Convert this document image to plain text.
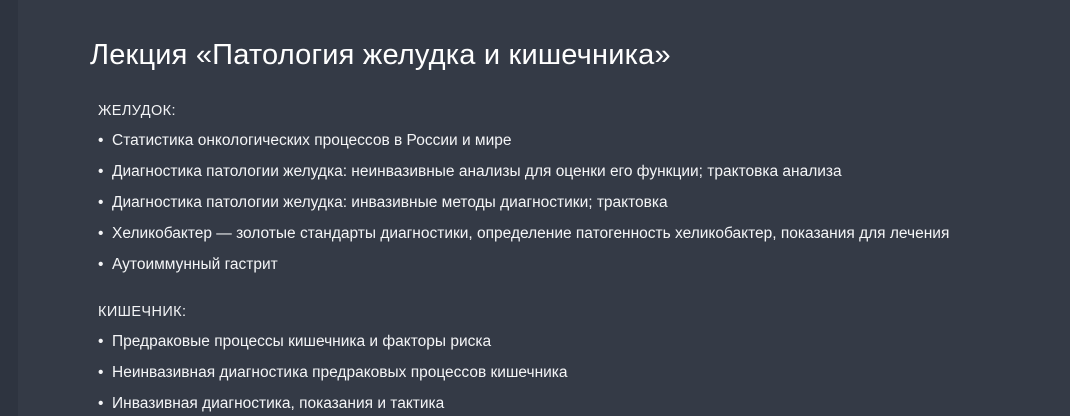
Лекция «Патология желудка и кишечника»
ЖЕЛУДОК:
• Статистика онкологических процессов в России и мире
• Диагностика патологии желудка: неинвазивные анализы для оценки его функции; трактовка анализа
• Диагностика патологии желудка: инвазивные методы диагностики; трактовка
• Хеликобактер — золотые стандарты диагностики, определение патогенность хеликобактер, показания для лечения
• Аутоиммунный гастрит
КИШЕЧНИК:
• Предраковые процессы кишечника и факторы риска
• Неинвазивная диагностика предраковых процессов кишечника
• Инвазивная диагностика, показания и тактика
